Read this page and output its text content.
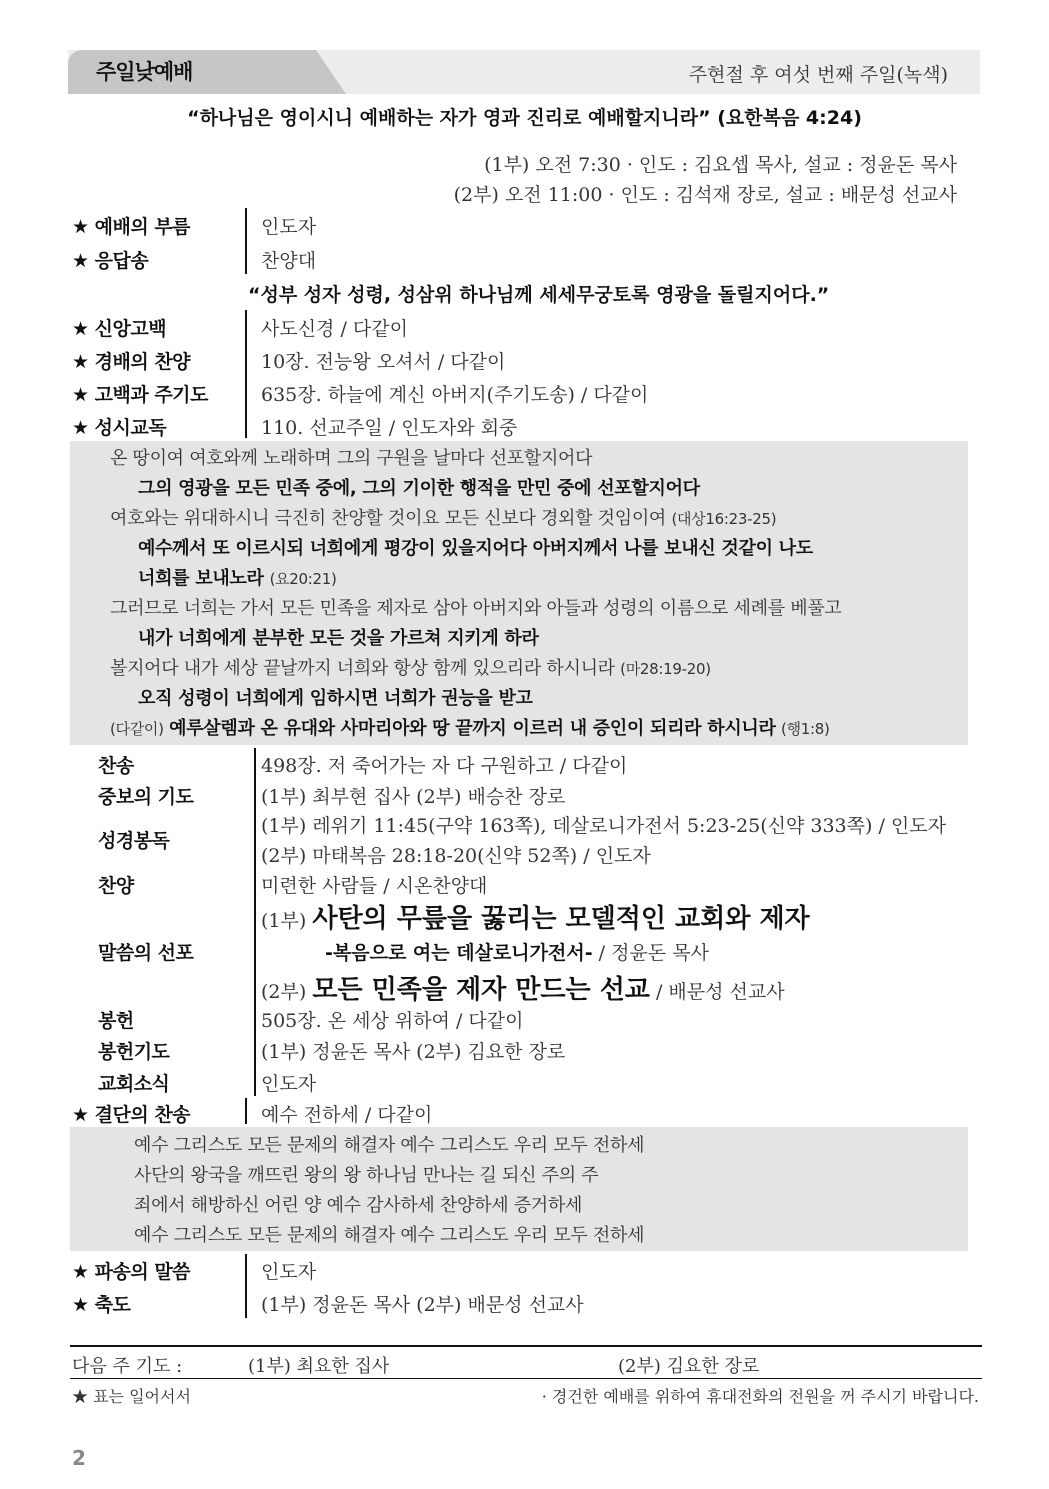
주일낮예배	주현절 후 여섯 번째 주일(녹색)
“하나님은 영이시니 예배하는 자가 영과 진리로 예배할지니라” (요한복음 4:24)
(1부) 오전 7:30 · 인도 : 김요셉 목사, 설교 : 정윤돈 목사
(2부) 오전 11:00 · 인도 : 김석재 장로, 설교 : 배문성 선교사
★ 예배의 부름	인도자
★ 응답송	찬양대
“성부 성자 성령, 성삼위 하나님께 세세무궁토록 영광을 돌릴지어다.”
★ 신앙고백	사도신경 / 다같이
★ 경배의 찬양	10장. 전능왕 오셔서 / 다같이
★ 고백과 주기도	635장. 하늘에 계신 아버지(주기도송) / 다같이
★ 성시교독	110. 선교주일 / 인도자와 회중
온 땅이여 여호와께 노래하며 그의 구원을 날마다 선포할지어다
그의 영광을 모든 민족 중에, 그의 기이한 행적을 만민 중에 선포할지어다
여호와는 위대하시니 극진히 찬양할 것이요 모든 신보다 경외할 것임이여 (대상16:23-25)
예수께서 또 이르시되 너희에게 평강이 있을지어다 아버지께서 나를 보내신 것같이 나도
너희를 보내노라 (요20:21)
그러므로 너희는 가서 모든 민족을 제자로 삼아 아버지와 아들과 성령의 이름으로 세례를 베풀고
내가 너희에게 분부한 모든 것을 가르쳐 지키게 하라
볼지어다 내가 세상 끝날까지 너희와 항상 함께 있으리라 하시니라 (마28:19-20)
오직 성령이 너희에게 임하시면 너희가 권능을 받고
(다같이) 예루살렘과 온 유대와 사마리아와 땅 끝까지 이르러 내 증인이 되리라 하시니라 (행1:8)
찬송	498장. 저 죽어가는 자 다 구원하고 / 다같이
중보의 기도	(1부) 최부현 집사 (2부) 배승찬 장로
성경봉독
(1부) 레위기 11:45(구약 163쪽), 데살로니가전서 5:23-25(신약 333쪽) / 인도자
(2부) 마태복음 28:18-20(신약 52쪽) / 인도자
찬양	미련한 사람들 / 시온찬양대
말씀의 선포
(1부) 사탄의 무릎을 꿇리는 모델적인 교회와 제자
-복음으로 여는 데살로니가전서- / 정윤돈 목사
(2부) 모든 민족을 제자 만드는 선교 / 배문성 선교사
봉헌	505장. 온 세상 위하여 / 다같이
봉헌기도	(1부) 정윤돈 목사 (2부) 김요한 장로
교회소식	인도자
★ 결단의 찬송	예수 전하세 / 다같이
예수 그리스도 모든 문제의 해결자 예수 그리스도 우리 모두 전하세
사단의 왕국을 깨뜨린 왕의 왕 하나님 만나는 길 되신 주의 주
죄에서 해방하신 어린 양 예수 감사하세 찬양하세 증거하세
예수 그리스도 모든 문제의 해결자 예수 그리스도 우리 모두 전하세
★ 파송의 말씀	인도자
★ 축도	(1부) 정윤돈 목사 (2부) 배문성 선교사
다음 주 기도 :	(1부) 최요한 집사	(2부) 김요한 장로
★ 표는 일어서서	· 경건한 예배를 위하여 휴대전화의 전원을 꺼 주시기 바랍니다.
2
